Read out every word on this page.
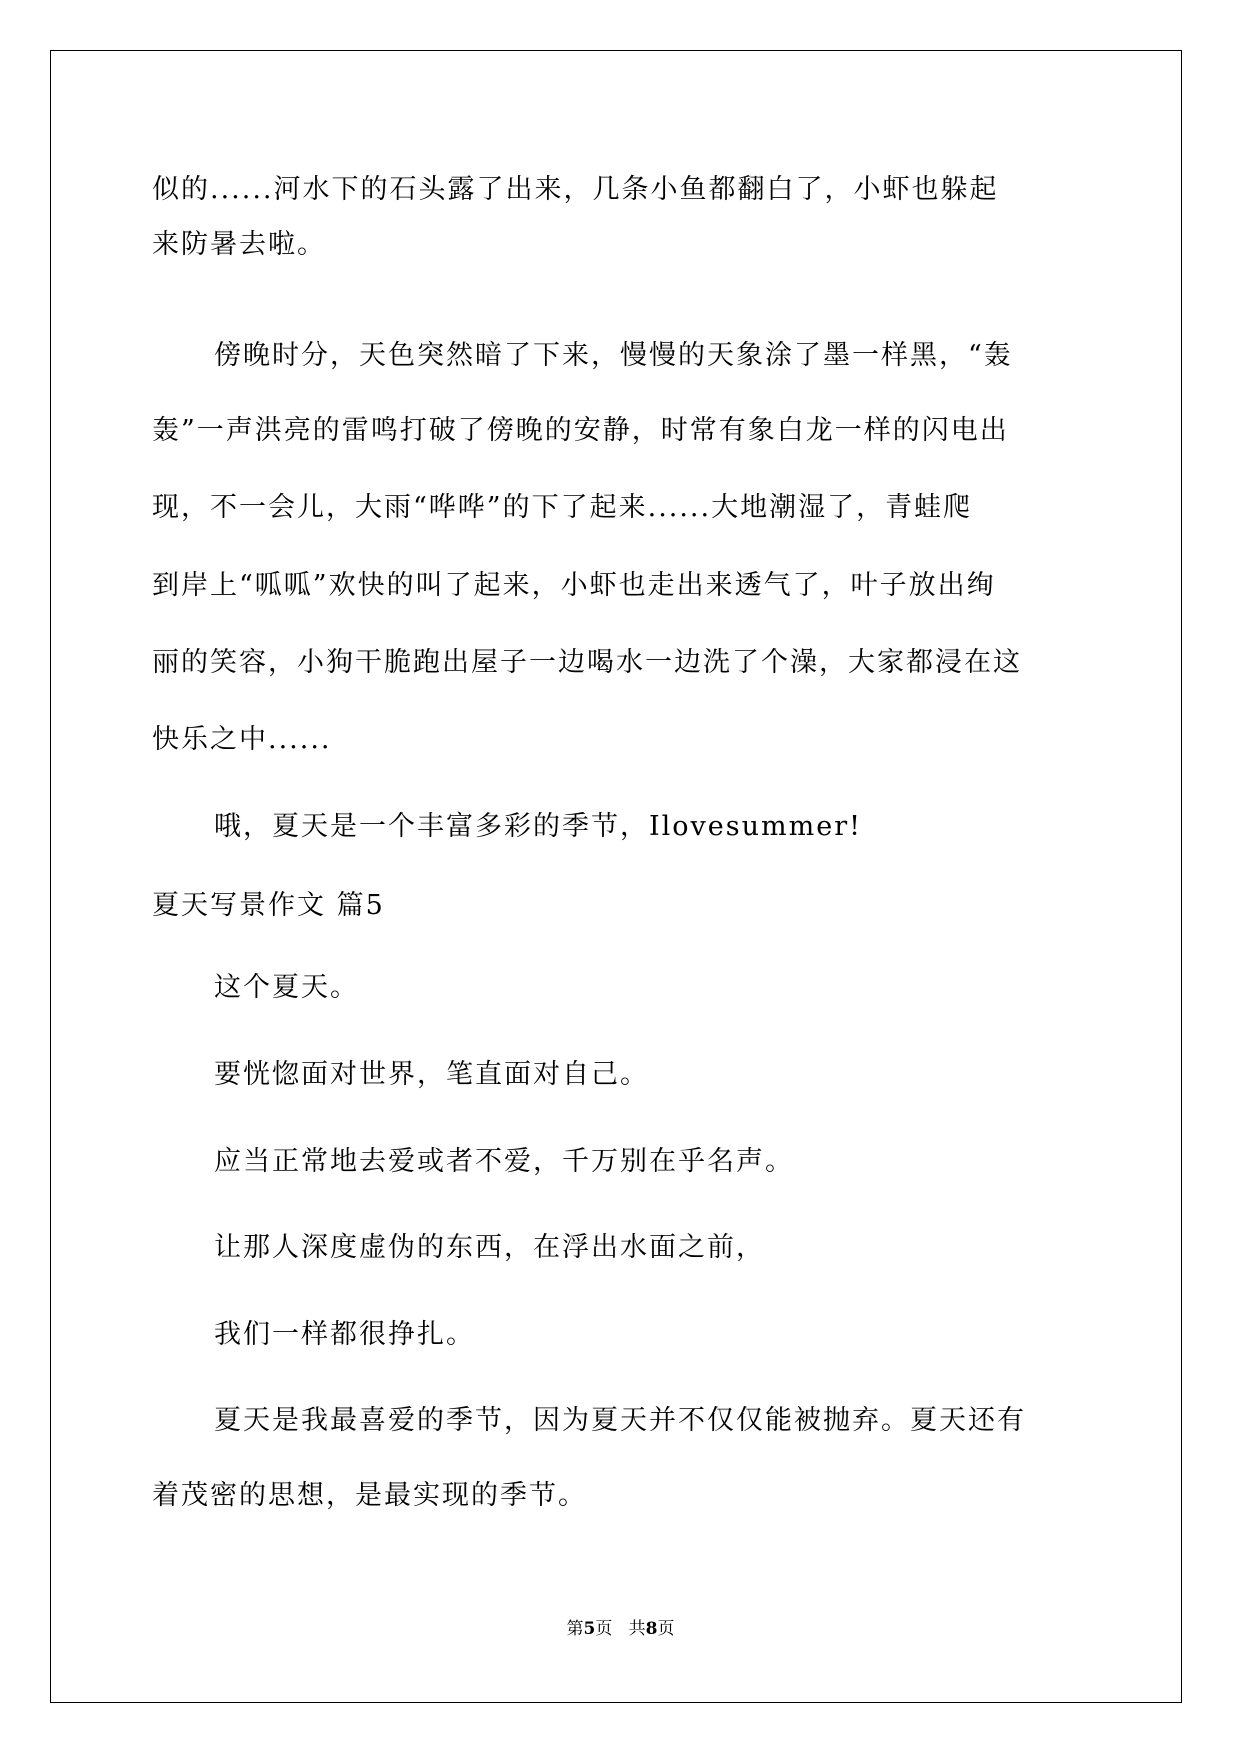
似的......河水下的石头露了出来，几条小鱼都翻白了，小虾也躲起
来防暑去啦。
傍晚时分，天色突然暗了下来，慢慢的天象涂了墨一样黑，“轰
轰”一声洪亮的雷鸣打破了傍晚的安静，时常有象白龙一样的闪电出
现，不一会儿，大雨“哗哗”的下了起来......大地潮湿了，青蛙爬
到岸上“呱呱”欢快的叫了起来，小虾也走出来透气了，叶子放出绚
丽的笑容，小狗干脆跑出屋子一边喝水一边洗了个澡，大家都浸在这
快乐之中......
哦，夏天是一个丰富多彩的季节，Ilovesummer!
夏天写景作文 篇5
这个夏天。
要恍惚面对世界，笔直面对自己。
应当正常地去爱或者不爱，千万别在乎名声。
让那人深度虚伪的东西，在浮出水面之前，
我们一样都很挣扎。
夏天是我最喜爱的季节，因为夏天并不仅仅能被抛弃。夏天还有
着茂密的思想，是最实现的季节。
第5页   共8页
